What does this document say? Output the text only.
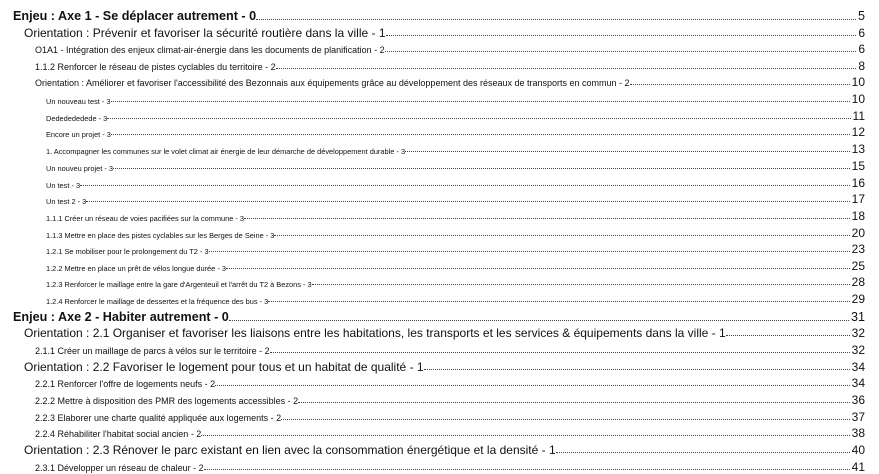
Enjeu : Axe 1 - Se déplacer autrement - 0	5
Orientation : Prévenir et favoriser la sécurité routière dans la ville - 1	6
O1A1 - Intégration des enjeux climat-air-énergie dans les documents de planification - 2	6
1.1.2 Renforcer le réseau de pistes cyclables du territoire - 2	8
Orientation : Améliorer et favoriser l'accessibilité des Bezonnais aux équipements grâce au développement des réseaux de transports en commun - 2	10
Un nouveau test - 3	10
Dededededede - 3	11
Encore un projet - 3	12
1. Accompagner les communes sur le volet climat air énergie de leur démarche de développement durable - 3	13
Un nouveu projet - 3	15
Un test - 3	16
Un test 2 - 3	17
1.1.1 Créer un réseau de voies pacifiées sur la commune - 3	18
1.1.3 Mettre en place des pistes cyclables sur les Berges de Seine - 3	20
1.2.1 Se mobiliser pour le prolongement du T2 - 3	23
1.2.2 Mettre en place un prêt de vélos longue durée - 3	25
1.2.3 Renforcer le maillage entre la gare d'Argenteuil et l'arrêt du T2 à Bezons - 3	28
1.2.4 Renforcer le maillage de dessertes et la fréquence des bus - 3	29
Enjeu : Axe 2 - Habiter autrement - 0	31
Orientation : 2.1 Organiser et favoriser les liaisons entre les habitations, les transports et les services & équipements dans la ville - 1	32
2.1.1 Créer un maillage de parcs à vélos sur le territoire - 2	32
Orientation : 2.2 Favoriser le logement pour tous et un habitat de qualité - 1	34
2.2.1 Renforcer l'offre de logements neufs - 2	34
2.2.2 Mettre à disposition des PMR des logements accessibles - 2	36
2.2.3 Elaborer une charte qualité appliquée aux logements - 2	37
2.2.4 Réhabiliter l'habitat social ancien - 2	38
Orientation : 2.3 Rénover le parc existant en lien avec la consommation énergétique et la densité - 1	40
2.3.1 Développer un réseau de chaleur - 2	41
